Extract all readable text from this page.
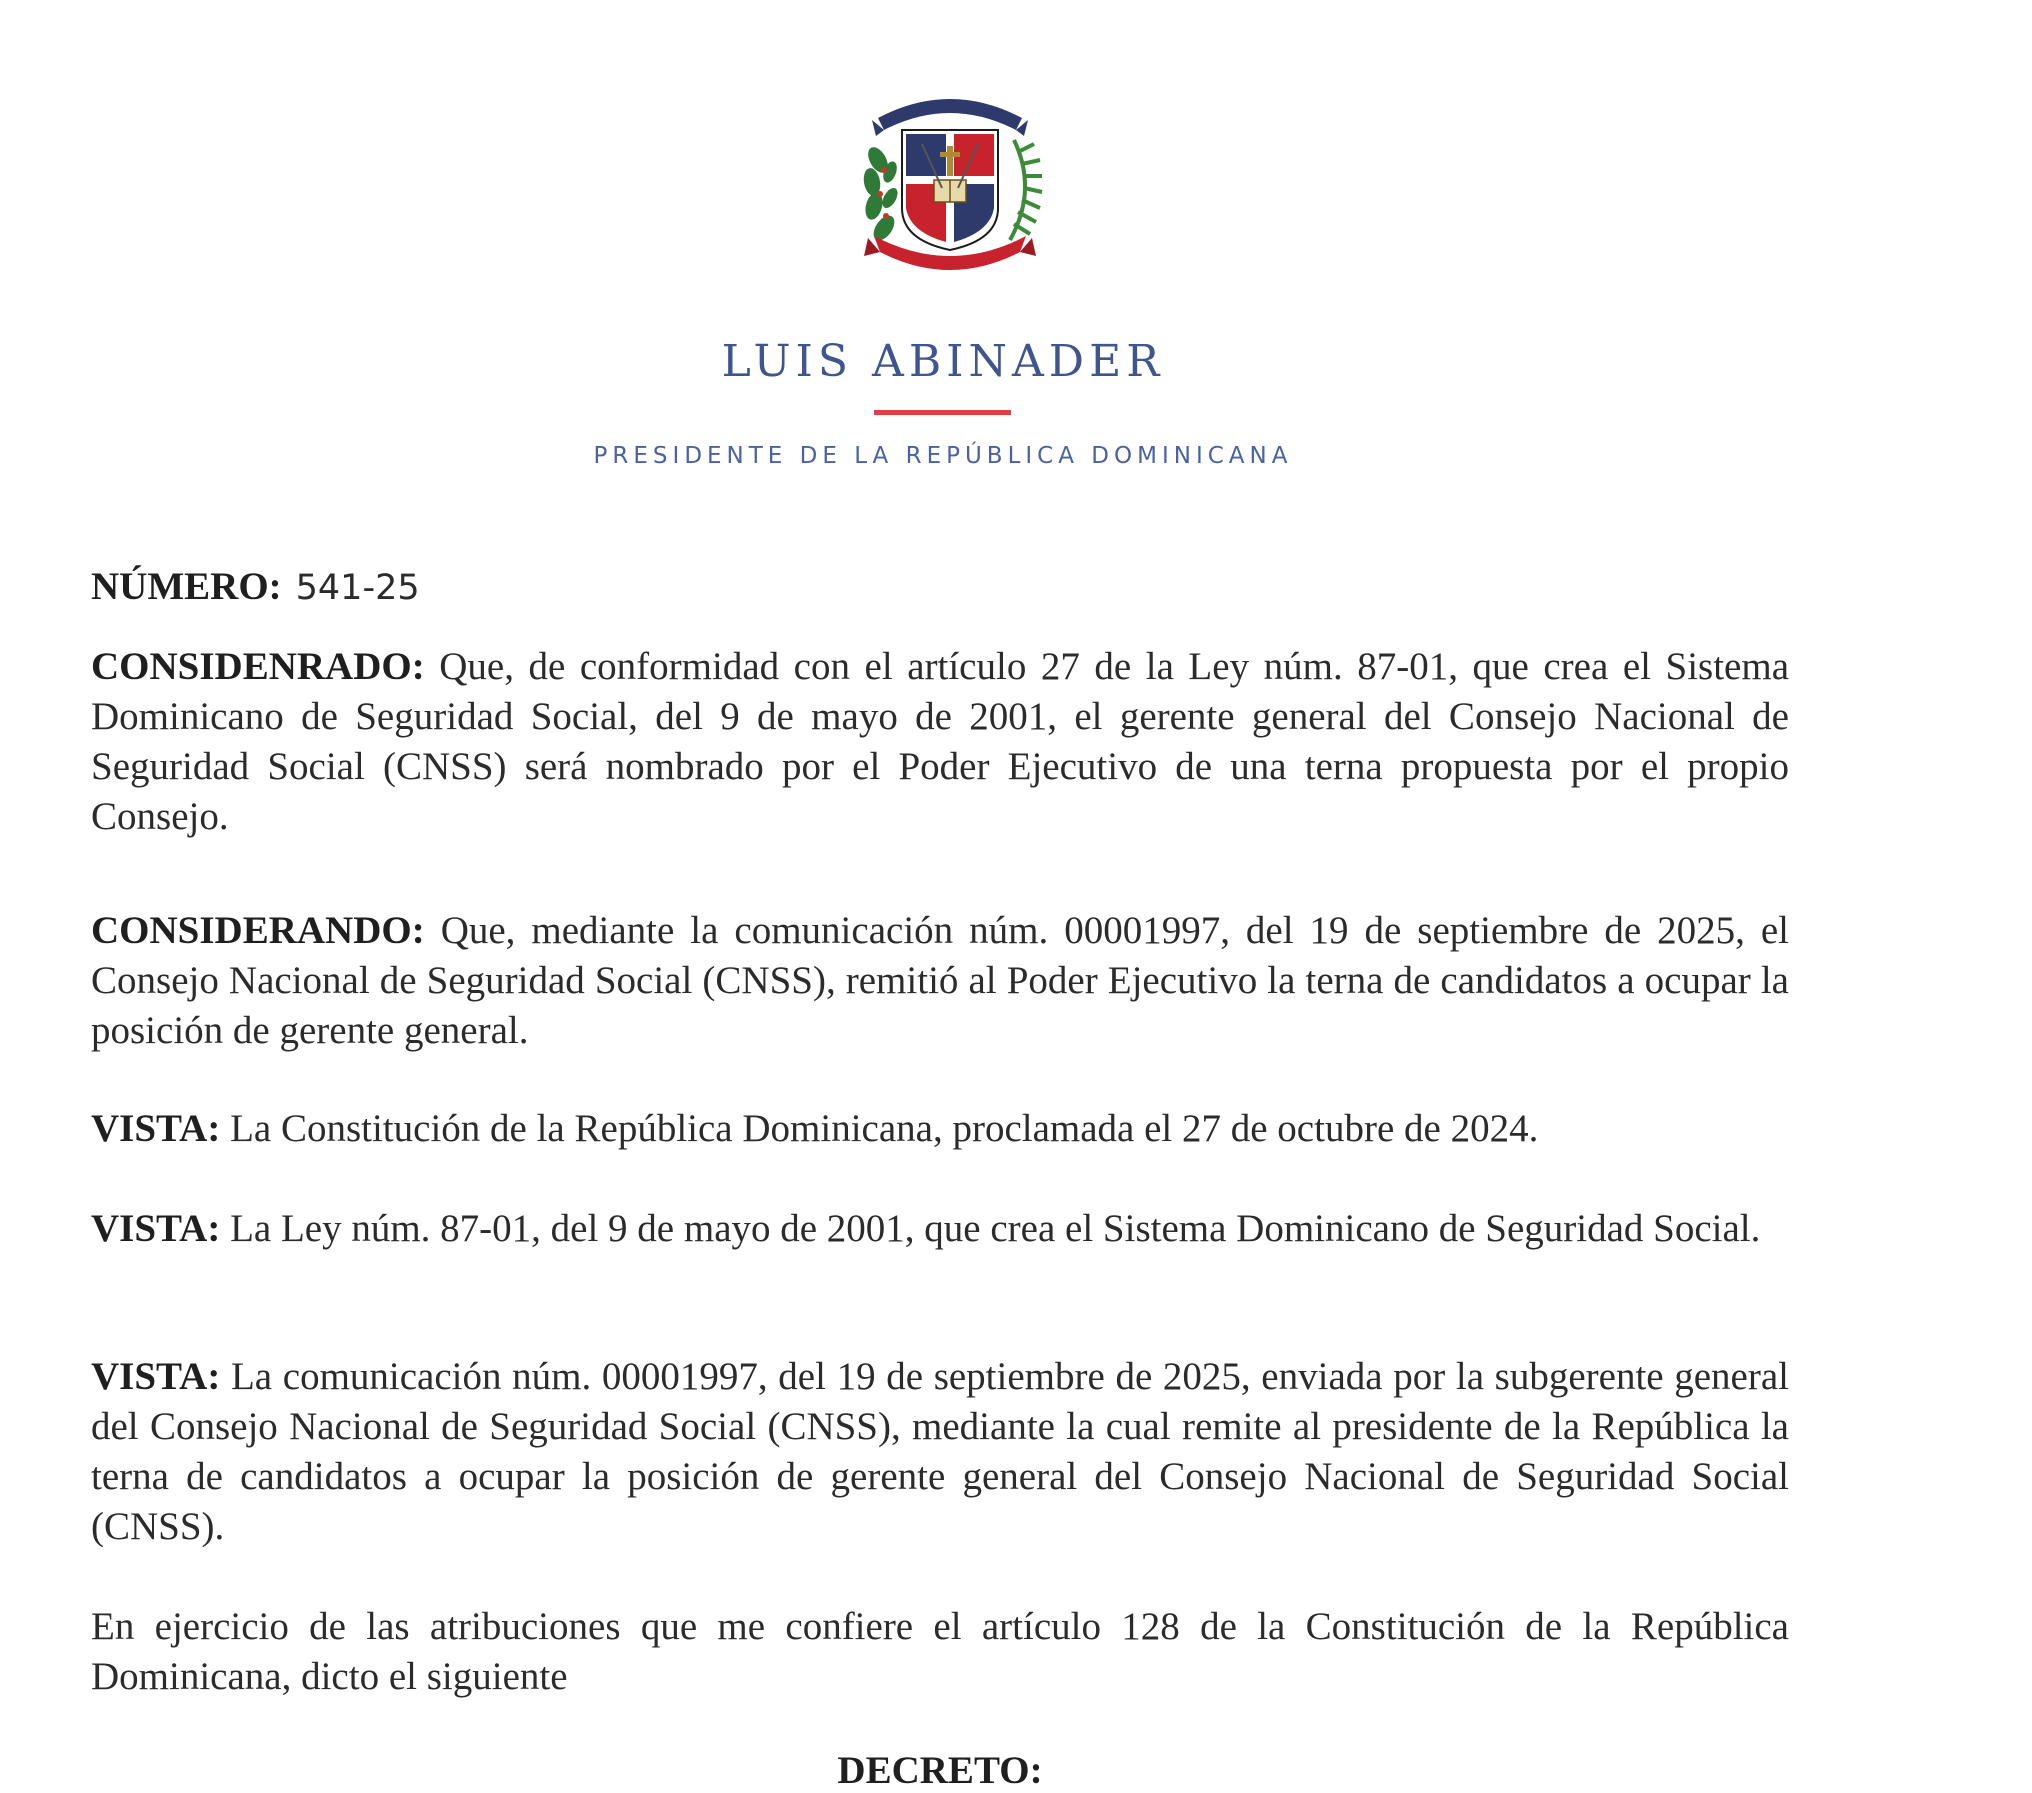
LUIS ABINADER
PRESIDENTE DE LA REPÚBLICA DOMINICANA
NÚMERO: 541-25

CONSIDENRADO: Que, de conformidad con el artículo 27 de la Ley núm. 87-01, que crea el Sistema Dominicano de Seguridad Social, del 9 de mayo de 2001, el gerente general del Consejo Nacional de Seguridad Social (CNSS) será nombrado por el Poder Ejecutivo de una terna propuesta por el propio Consejo.

CONSIDERANDO: Que, mediante la comunicación núm. 00001997, del 19 de septiembre de 2025, el Consejo Nacional de Seguridad Social (CNSS), remitió al Poder Ejecutivo la terna de candidatos a ocupar la posición de gerente general.

VISTA: La Constitución de la República Dominicana, proclamada el 27 de octubre de 2024.

VISTA: La Ley núm. 87-01, del 9 de mayo de 2001, que crea el Sistema Dominicano de Seguridad Social.

VISTA: La comunicación núm. 00001997, del 19 de septiembre de 2025, enviada por la subgerente general del Consejo Nacional de Seguridad Social (CNSS), mediante la cual remite al presidente de la República la terna de candidatos a ocupar la posición de gerente general del Consejo Nacional de Seguridad Social (CNSS).

En ejercicio de las atribuciones que me confiere el artículo 128 de la Constitución de la República Dominicana, dicto el siguiente

DECRETO:
